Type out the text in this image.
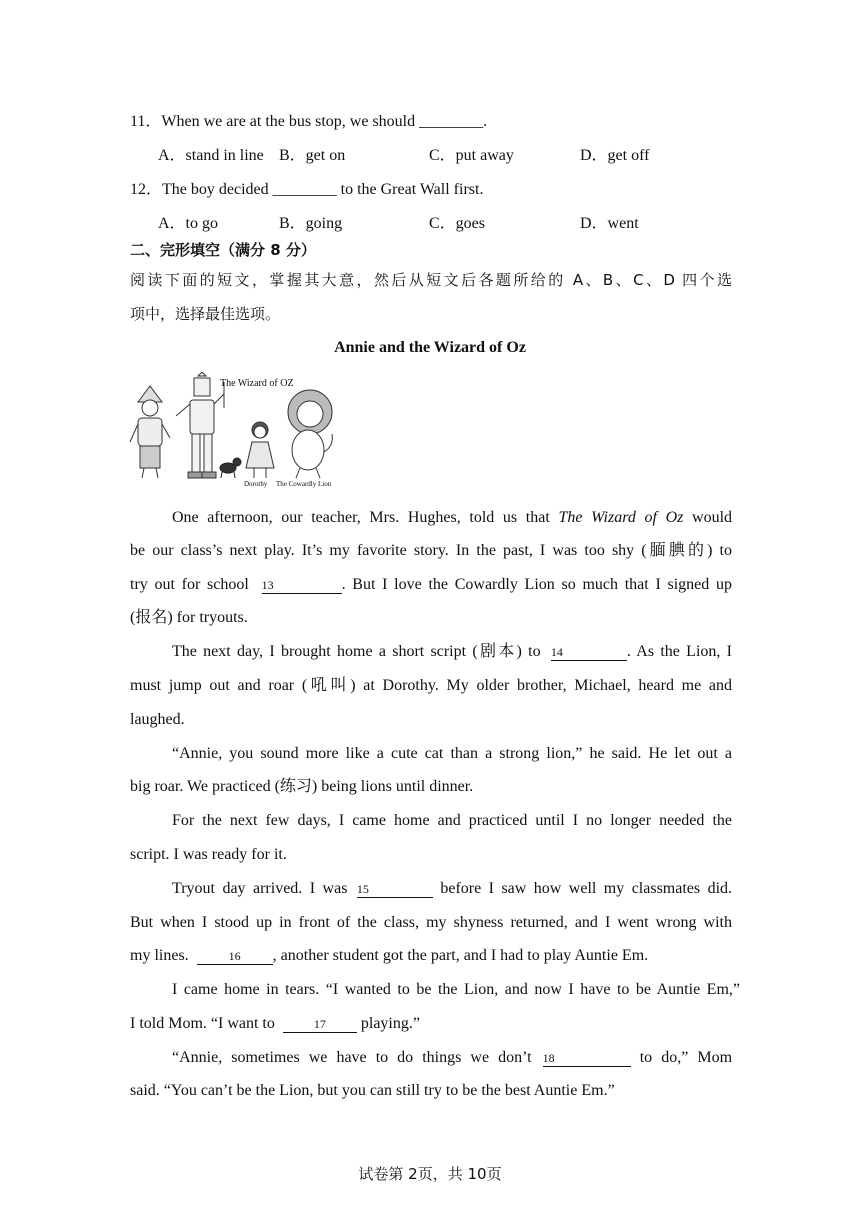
11．When we are at the bus stop, we should ________.
A．stand in line B．get on	C．put away	D．get off
12．The boy decided ________ to the Great Wall first.
A．to go	B．going	C．goes	D．went
二、完形填空（满分 8 分）
阅读下面的短文，掌握其大意，然后从短文后各题所给的 A、B、C、D 四个选
项中，选择最佳选项。
Annie and the Wizard of Oz
The Wizard of OZ
Dorothy The Cowardly Lion
One afternoon, our teacher, Mrs. Hughes, told us that The Wizard of Oz would
be our class’s next play. It’s my favorite story. In the past, I was too shy (腼腆的) to
try out for school 13	. But I love the Cowardly Lion so much that I signed up
(报名) for tryouts.
The next day, I brought home a short script (剧本) to 14	. As the Lion, I
must jump out and roar (吼叫) at Dorothy. My older brother, Michael, heard me and
laughed.
“Annie, you sound more like a cute cat than a strong lion,” he said. He let out a
big roar. We practiced (练习) being lions until dinner.
For the next few days, I came home and practiced until I no longer needed the
script. I was ready for it.
Tryout day arrived. I was 15	before I saw how well my classmates did.
But when I stood up in front of the class, my shyness returned, and I went wrong with
my lines.	16 , another student got the part, and I had to play Auntie Em.
I came home in tears. “I wanted to be the Lion, and now I have to be Auntie Em,”
I told Mom. “I want to	17 playing.”
“Annie, sometimes we have to do things we don’t 18	to do,” Mom
said. “You can’t be the Lion, but you can still try to be the best Auntie Em.”
试卷第 2页，共 10页
